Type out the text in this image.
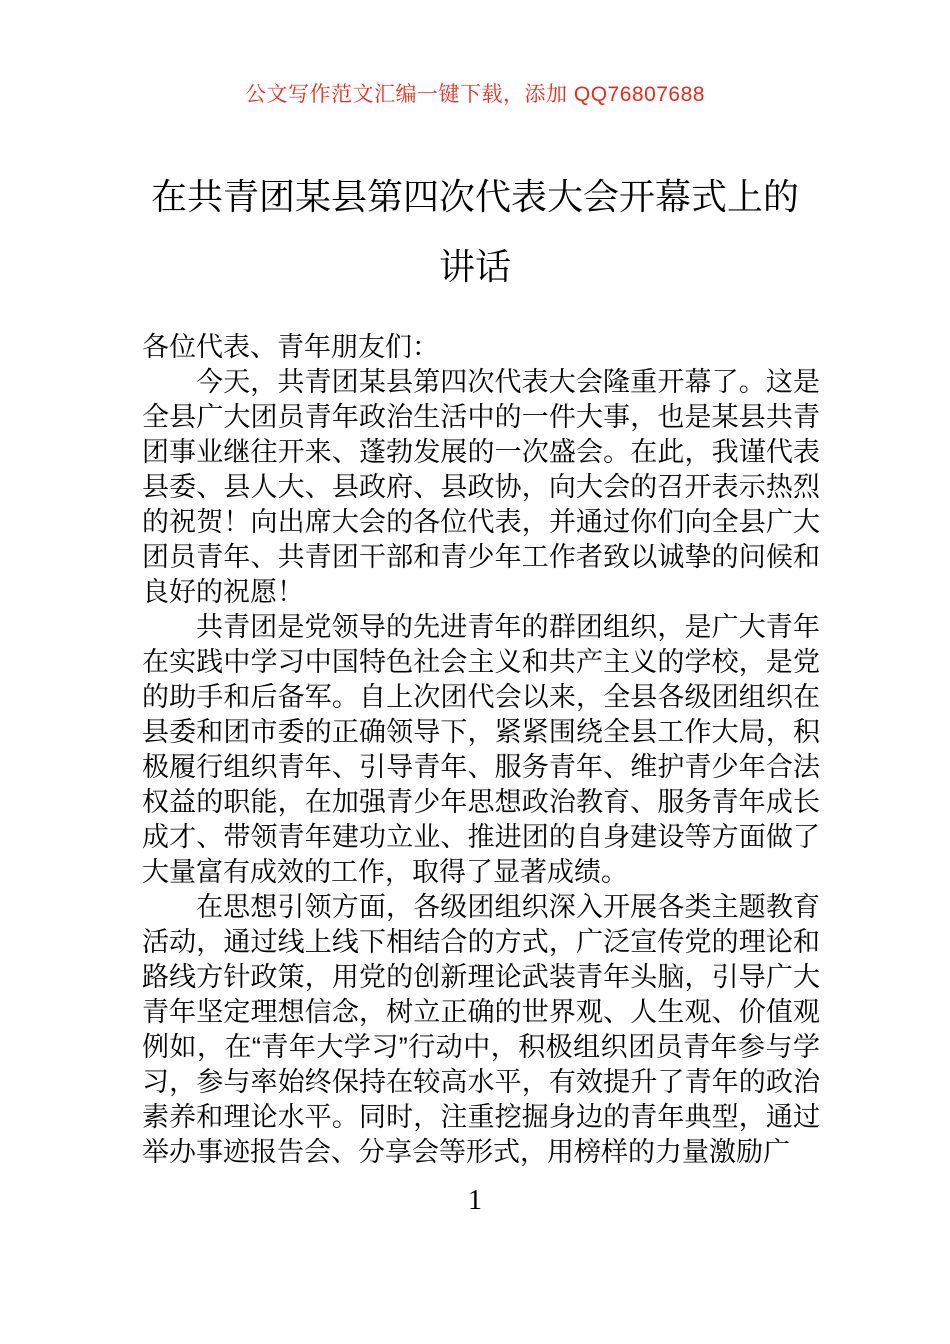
公文写作范文汇编一键下载，添加 QQ76807688
在共青团某县第四次代表大会开幕式上的
讲话

各位代表、青年朋友们：

今天，共青团某县第四次代表大会隆重开幕了。这是全县广大团员青年政治生活中的一件大事，也是某县共青团事业继往开来、蓬勃发展的一次盛会。在此，我谨代表县委、县人大、县政府、县政协，向大会的召开表示热烈的祝贺！向出席大会的各位代表，并通过你们向全县广大团员青年、共青团干部和青少年工作者致以诚挚的问候和良好的祝愿！

共青团是党领导的先进青年的群团组织，是广大青年在实践中学习中国特色社会主义和共产主义的学校，是党的助手和后备军。自上次团代会以来，全县各级团组织在县委和团市委的正确领导下，紧紧围绕全县工作大局，积极履行组织青年、引导青年、服务青年、维护青少年合法权益的职能，在加强青少年思想政治教育、服务青年成长成才、带领青年建功立业、推进团的自身建设等方面做了大量富有成效的工作，取得了显著成绩。

在思想引领方面，各级团组织深入开展各类主题教育活动，通过线上线下相结合的方式，广泛宣传党的理论和路线方针政策，用党的创新理论武装青年头脑，引导广大青年坚定理想信念，树立正确的世界观、人生观、价值观例如，在“青年大学习”行动中，积极组织团员青年参与学习，参与率始终保持在较高水平，有效提升了青年的政治素养和理论水平。同时，注重挖掘身边的青年典型，通过举办事迹报告会、分享会等形式，用榜样的力量激励广

1
